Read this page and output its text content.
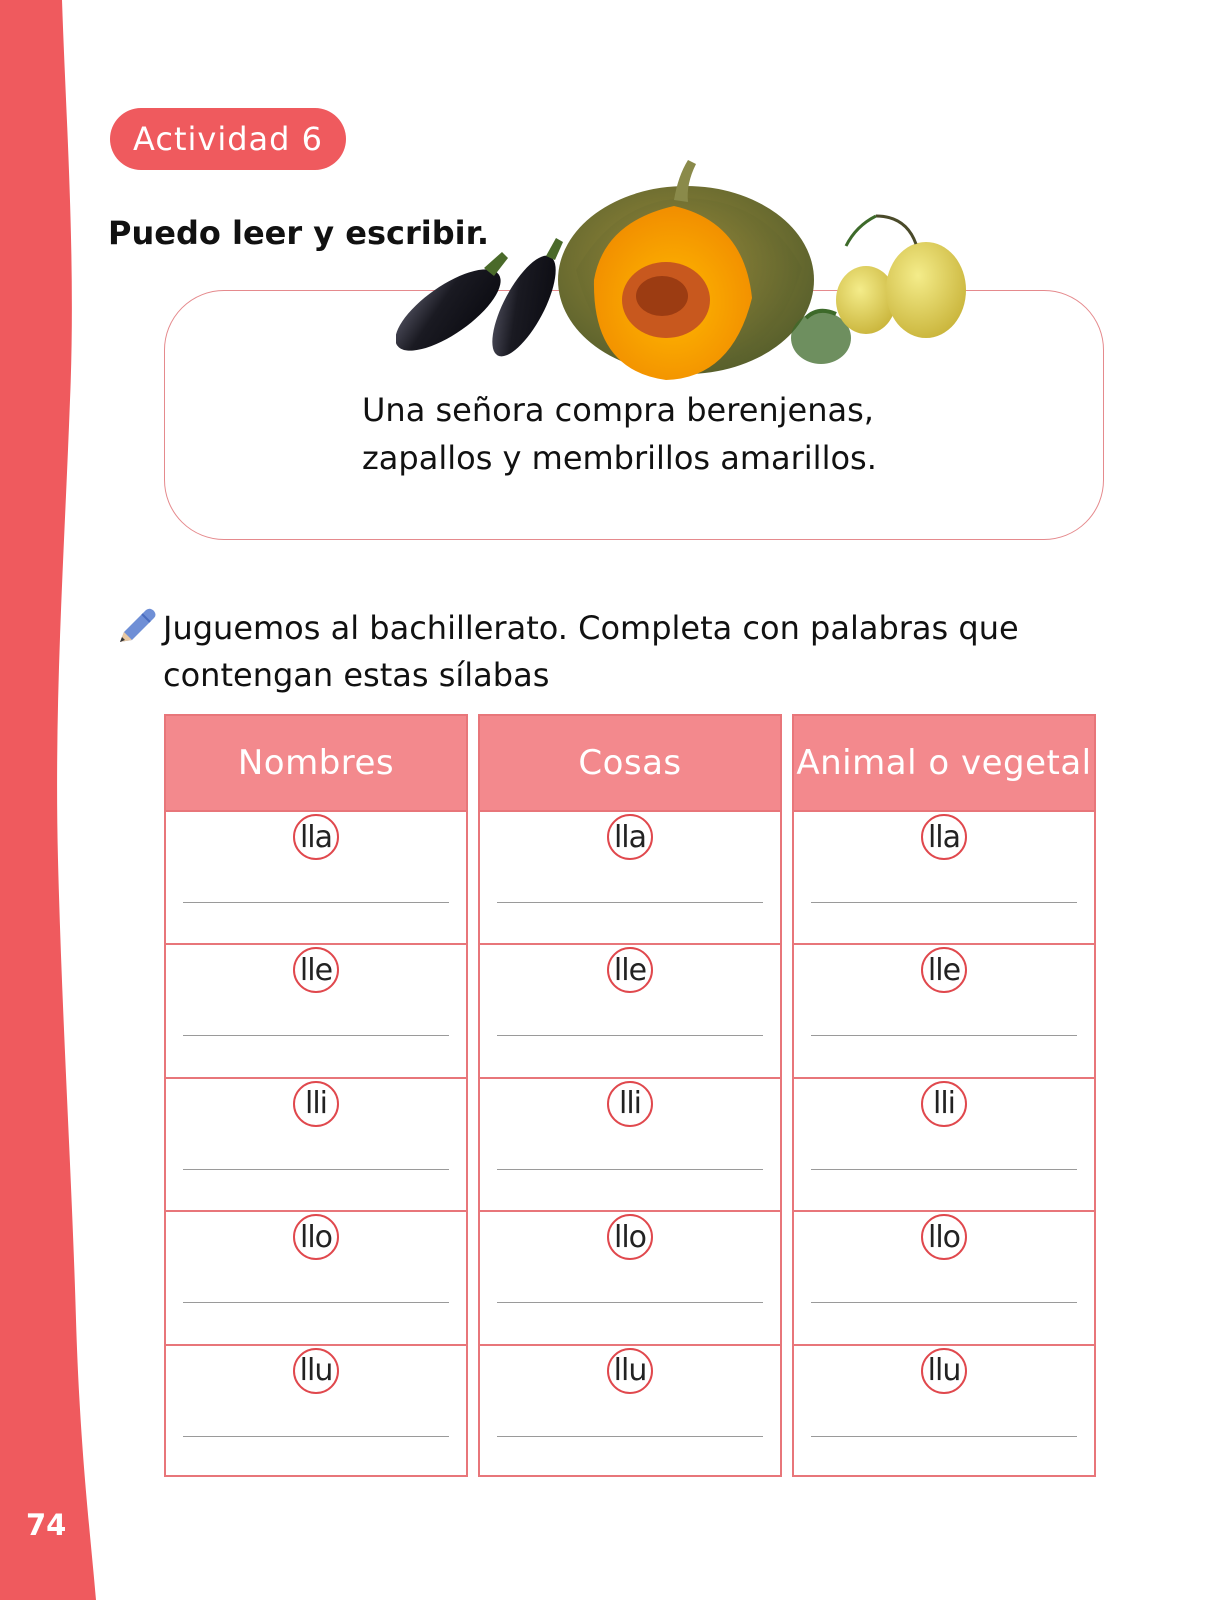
74
Actividad 6
Puedo leer y escribir.
Una señora compra berenjenas,
zapallos y membrillos amarillos.
Juguemos al bachillerato. Completa con palabras que
contengan estas sílabas
Nombres
lla
lle
lli
llo
llu
Cosas
lla
lle
lli
llo
llu
Animal o vegetal
lla
lle
lli
llo
llu
